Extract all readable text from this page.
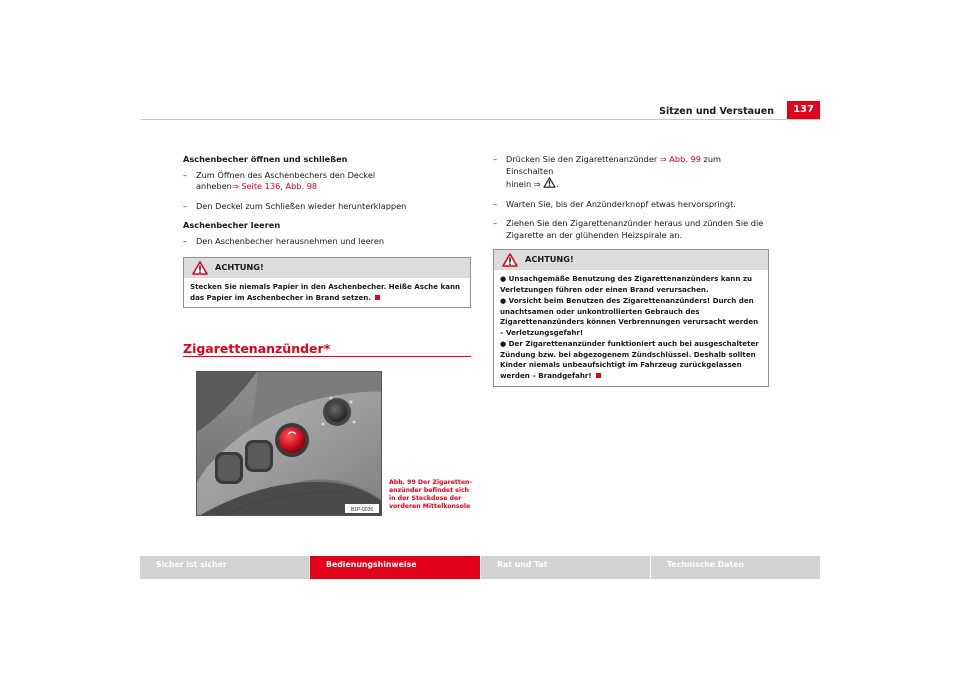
Sitzen und Verstauen	137
Aschenbecher öffnen und schließen
– Zum Öffnen des Aschenbechers den Deckel
anheben⇒ Seite 136, Abb. 98
– Den Deckel zum Schließen wieder herunterklappen
Aschenbecher leeren
– Den Aschenbecher herausnehmen und leeren
ACHTUNG!
Stecken Sie niemals Papier in den Aschenbecher. Heiße Asche kann das Papier im Aschenbecher in Brand setzen.
Zigarettenanzünder*
B1P-0036
Abb. 99 Der Zigaretten-anzünder befindet sich in der Steckdose der vorderen Mittelkonsole
– Drücken Sie den Zigarettenanzünder ⇒ Abb. 99 zum Einschalten
hinein ⇒ .
– Warten Sie, bis der Anzünderknopf etwas hervorspringt.
– Ziehen Sie den Zigarettenanzünder heraus und zünden Sie die Zigarette an der glühenden Heizspirale an.
ACHTUNG!

● Unsachgemäße Benutzung des Zigarettenanzünders kann zu Verletzungen führen oder einen Brand verursachen.

● Vorsicht beim Benutzen des Zigarettenanzünders! Durch den unachtsamen oder unkontrollierten Gebrauch des Zigarettenanzünders können Verbrennungen verursacht werden – Verletzungsgefahr!

● Der Zigarettenanzünder funktioniert auch bei ausgeschalteter Zündung bzw. bei abgezogenem Zündschlüssel. Deshalb sollten Kinder niemals unbeaufsichtigt im Fahrzeug zurückgelassen werden – Brandgefahr!

Sicher ist sicher	Bedienungshinweise	Rat und Tat	Technische Daten
